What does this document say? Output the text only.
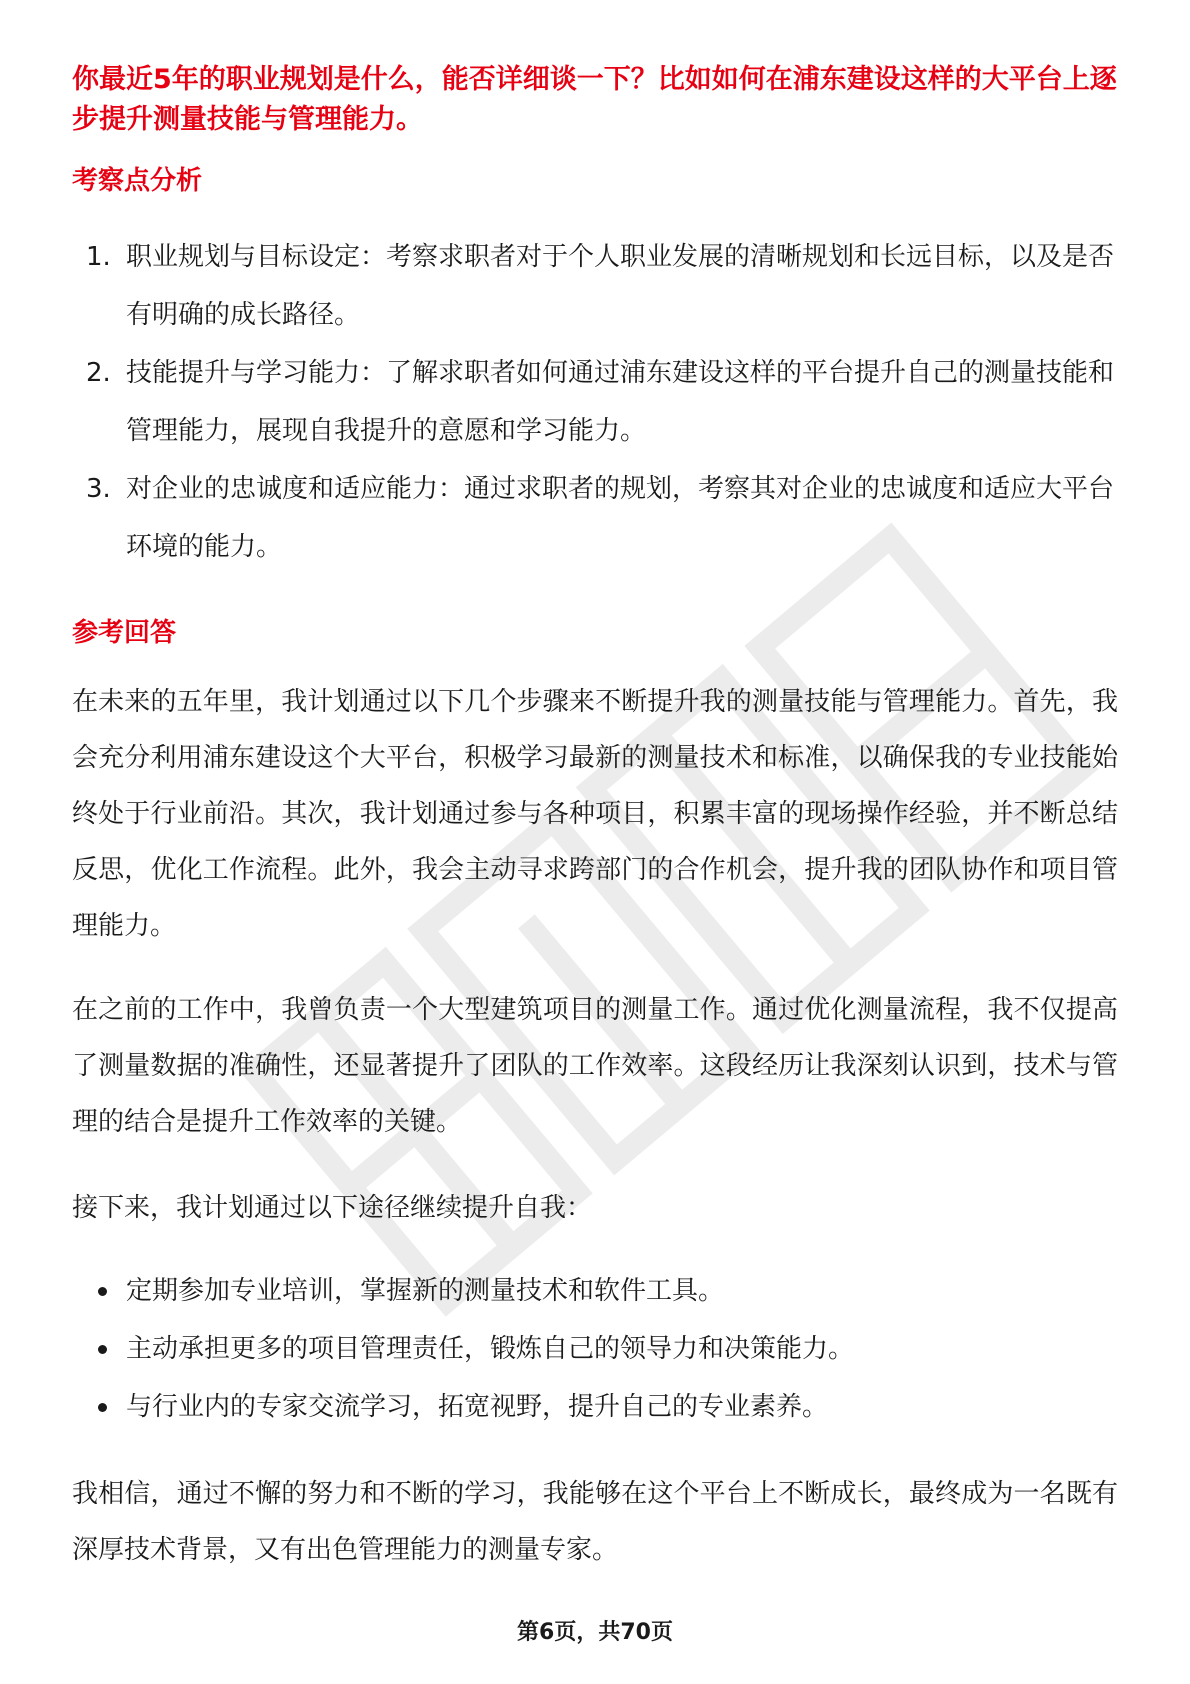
你最近5年的职业规划是什么，能否详细谈一下？比如如何在浦东建设这样的大平台上逐步提升测量技能与管理能力。

考察点分析
1. 职业规划与目标设定：考察求职者对于个人职业发展的清晰规划和长远目标，以及是否有明确的成长路径。
2. 技能提升与学习能力：了解求职者如何通过浦东建设这样的平台提升自己的测量技能和管理能力，展现自我提升的意愿和学习能力。
3. 对企业的忠诚度和适应能力：通过求职者的规划，考察其对企业的忠诚度和适应大平台环境的能力。
参考回答

在未来的五年里，我计划通过以下几个步骤来不断提升我的测量技能与管理能力。首先，我会充分利用浦东建设这个大平台，积极学习最新的测量技术和标准，以确保我的专业技能始终处于行业前沿。其次，我计划通过参与各种项目，积累丰富的现场操作经验，并不断总结反思，优化工作流程。此外，我会主动寻求跨部门的合作机会，提升我的团队协作和项目管理能力。

在之前的工作中，我曾负责一个大型建筑项目的测量工作。通过优化测量流程，我不仅提高了测量数据的准确性，还显著提升了团队的工作效率。这段经历让我深刻认识到，技术与管理的结合是提升工作效率的关键。

接下来，我计划通过以下途径继续提升自我：

定期参加专业培训，掌握新的测量技术和软件工具。
主动承担更多的项目管理责任，锻炼自己的领导力和决策能力。
与行业内的专家交流学习，拓宽视野，提升自己的专业素养。

我相信，通过不懈的努力和不断的学习，我能够在这个平台上不断成长，最终成为一名既有深厚技术背景，又有出色管理能力的测量专家。

第6页，共70页
